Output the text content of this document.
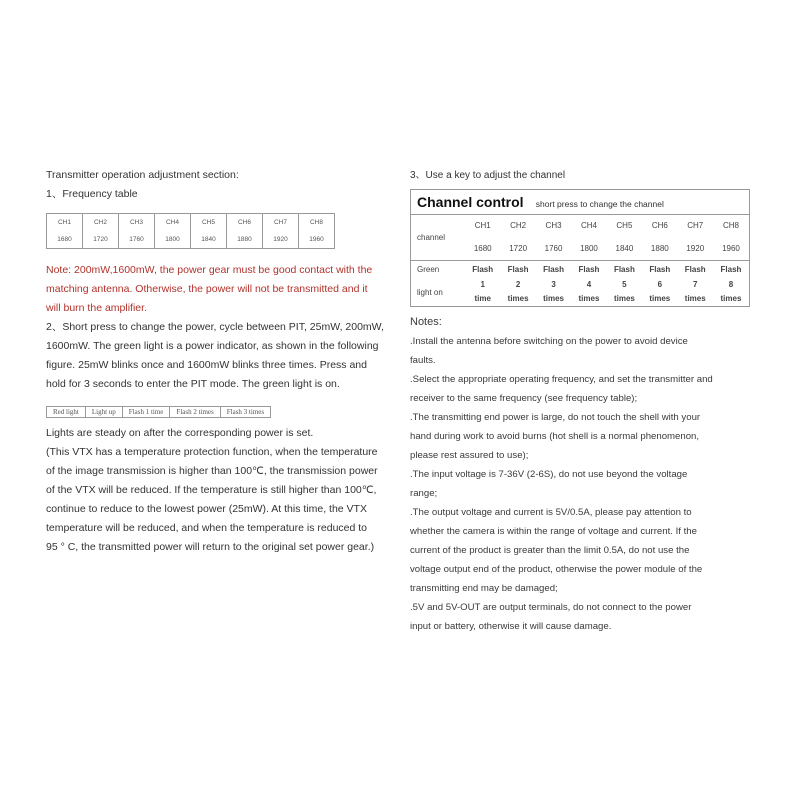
Transmitter operation adjustment section:
1、Frequency table
CH1	CH2	CH3	CH4	CH5	CH6	CH7	CH8
1680	1720	1760	1800	1840	1880	1920	1960
Note: 200mW,1600mW, the power gear must be good contact with the
matching antenna. Otherwise, the power will not be transmitted and it
will burn the amplifier.
2、Short press to change the power, cycle between PIT, 25mW, 200mW,
1600mW. The green light is a power indicator, as shown in the following
figure. 25mW blinks once and 1600mW blinks three times. Press and
hold for 3 seconds to enter the PIT mode. The green light is on.
Red light	Light up	Flash 1 time	Flash 2 times	Flash 3 times
Lights are steady on after the corresponding power is set.
(This VTX has a temperature protection function, when the temperature
of the image transmission is higher than 100℃, the transmission power
of the VTX will be reduced. If the temperature is still higher than 100℃,
continue to reduce to the lowest power (25mW). At this time, the VTX
temperature will be reduced, and when the temperature is reduced to
95 ° C, the transmitted power will return to the original set power gear.)
3、Use a key to adjust the channel
Channel control short press to change the channel								
channel	CH1	CH2	CH3	CH4	CH5	CH6	CH7	CH8
	1680	1720	1760	1800	1840	1880	1920	1960
Green	Flash	Flash	Flash	Flash	Flash	Flash	Flash	Flash
light on	1	2	3	4	5	6	7	8
	time	times	times	times	times	times	times	times
Notes:
.Install the antenna before switching on the power to avoid device
faults.
.Select the appropriate operating frequency, and set the transmitter and
receiver to the same frequency (see frequency table);
.The transmitting end power is large, do not touch the shell with your
hand during work to avoid burns (hot shell is a normal phenomenon,
please rest assured to use);
.The input voltage is 7-36V (2-6S), do not use beyond the voltage
range;
.The output voltage and current is 5V/0.5A, please pay attention to
whether the camera is within the range of voltage and current. If the
current of the product is greater than the limit 0.5A, do not use the
voltage output end of the product, otherwise the power module of the
transmitting end may be damaged;
.5V and 5V-OUT are output terminals, do not connect to the power
input or battery, otherwise it will cause damage.
